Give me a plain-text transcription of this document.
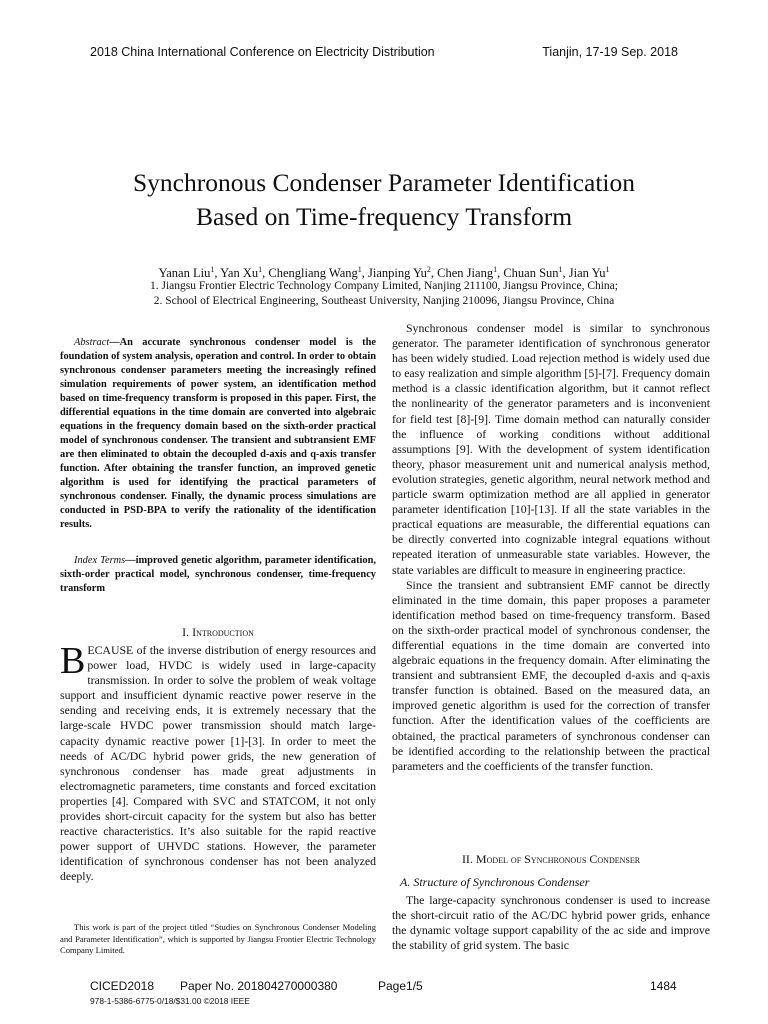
2018 China International Conference on Electricity Distribution	Tianjin, 17-19 Sep. 2018
Synchronous Condenser Parameter Identification
Based on Time-frequency Transform
Yanan Liu$^1$, Yan Xu$^1$, Chengliang Wang$^1$, Jianping Yu$^2$, Chen Jiang$^1$, Chuan Sun$^1$, Jian Yu$^1$
1. Jiangsu Frontier Electric Technology Company Limited, Nanjing 211100, Jiangsu Province, China;
2. School of Electrical Engineering, Southeast University, Nanjing 210096, Jiangsu Province, China

Abstract—An accurate synchronous condenser model is the foundation of system analysis, operation and control. In order to obtain synchronous condenser parameters meeting the increasingly refined simulation requirements of power system, an identification method based on time-frequency transform is proposed in this paper. First, the differential equations in the time domain are converted into algebraic equations in the frequency domain based on the sixth-order practical model of synchronous condenser. The transient and subtransient EMF are then eliminated to obtain the decoupled d-axis and q-axis transfer function. After obtaining the transfer function, an improved genetic algorithm is used for identifying the practical parameters of synchronous condenser. Finally, the dynamic process simulations are conducted in PSD-BPA to verify the rationality of the identification results.

Index Terms—improved genetic algorithm, parameter identification, sixth-order practical model, synchronous condenser, time-frequency transform

I. Introduction

BECAUSE of the inverse distribution of energy resources and power load, HVDC is widely used in large-capacity transmission. In order to solve the problem of weak voltage support and insufficient dynamic reactive power reserve in the sending and receiving ends, it is extremely necessary that the large-scale HVDC power transmission should match large-capacity dynamic reactive power [1]-[3]. In order to meet the needs of AC/DC hybrid power grids, the new generation of synchronous condenser has made great adjustments in electromagnetic parameters, time constants and forced excitation properties [4]. Compared with SVC and STATCOM, it not only provides short-circuit capacity for the system but also has better reactive characteristics. It’s also suitable for the rapid reactive power support of UHVDC stations. However, the parameter identification of synchronous condenser has not been analyzed deeply.

This work is part of the project titled “Studies on Synchronous Condenser Modeling and Parameter Identification”, which is supported by Jiangsu Frontier Electric Technology Company Limited.

Synchronous condenser model is similar to synchronous generator. The parameter identification of synchronous generator has been widely studied. Load rejection method is widely used due to easy realization and simple algorithm [5]-[7]. Frequency domain method is a classic identification algorithm, but it cannot reflect the nonlinearity of the generator parameters and is inconvenient for field test [8]-[9]. Time domain method can naturally consider the influence of working conditions without additional assumptions [9]. With the development of system identification theory, phasor measurement unit and numerical analysis method, evolution strategies, genetic algorithm, neural network method and particle swarm optimization method are all applied in generator parameter identification [10]-[13]. If all the state variables in the practical equations are measurable, the differential equations can be directly converted into cognizable integral equations without repeated iteration of unmeasurable state variables. However, the state variables are difficult to measure in engineering practice.

Since the transient and subtransient EMF cannot be directly eliminated in the time domain, this paper proposes a parameter identification method based on time-frequency transform. Based on the sixth-order practical model of synchronous condenser, the differential equations in the time domain are converted into algebraic equations in the frequency domain. After eliminating the transient and subtransient EMF, the decoupled d-axis and q-axis transfer function is obtained. Based on the measured data, an improved genetic algorithm is used for the correction of transfer function. After the identification values of the coefficients are obtained, the practical parameters of synchronous condenser can be identified according to the relationship between the practical parameters and the coefficients of the transfer function.

II. Model of Synchronous Condenser
A. Structure of Synchronous Condenser

The large-capacity synchronous condenser is used to increase the short-circuit ratio of the AC/DC hybrid power grids, enhance the dynamic voltage support capability of the ac side and improve the stability of grid system. The basic

CICED2018 Paper No. 201804270000380	Page1/5	1484
978-1-5386-6775-0/18/$31.00 ©2018 IEEE
